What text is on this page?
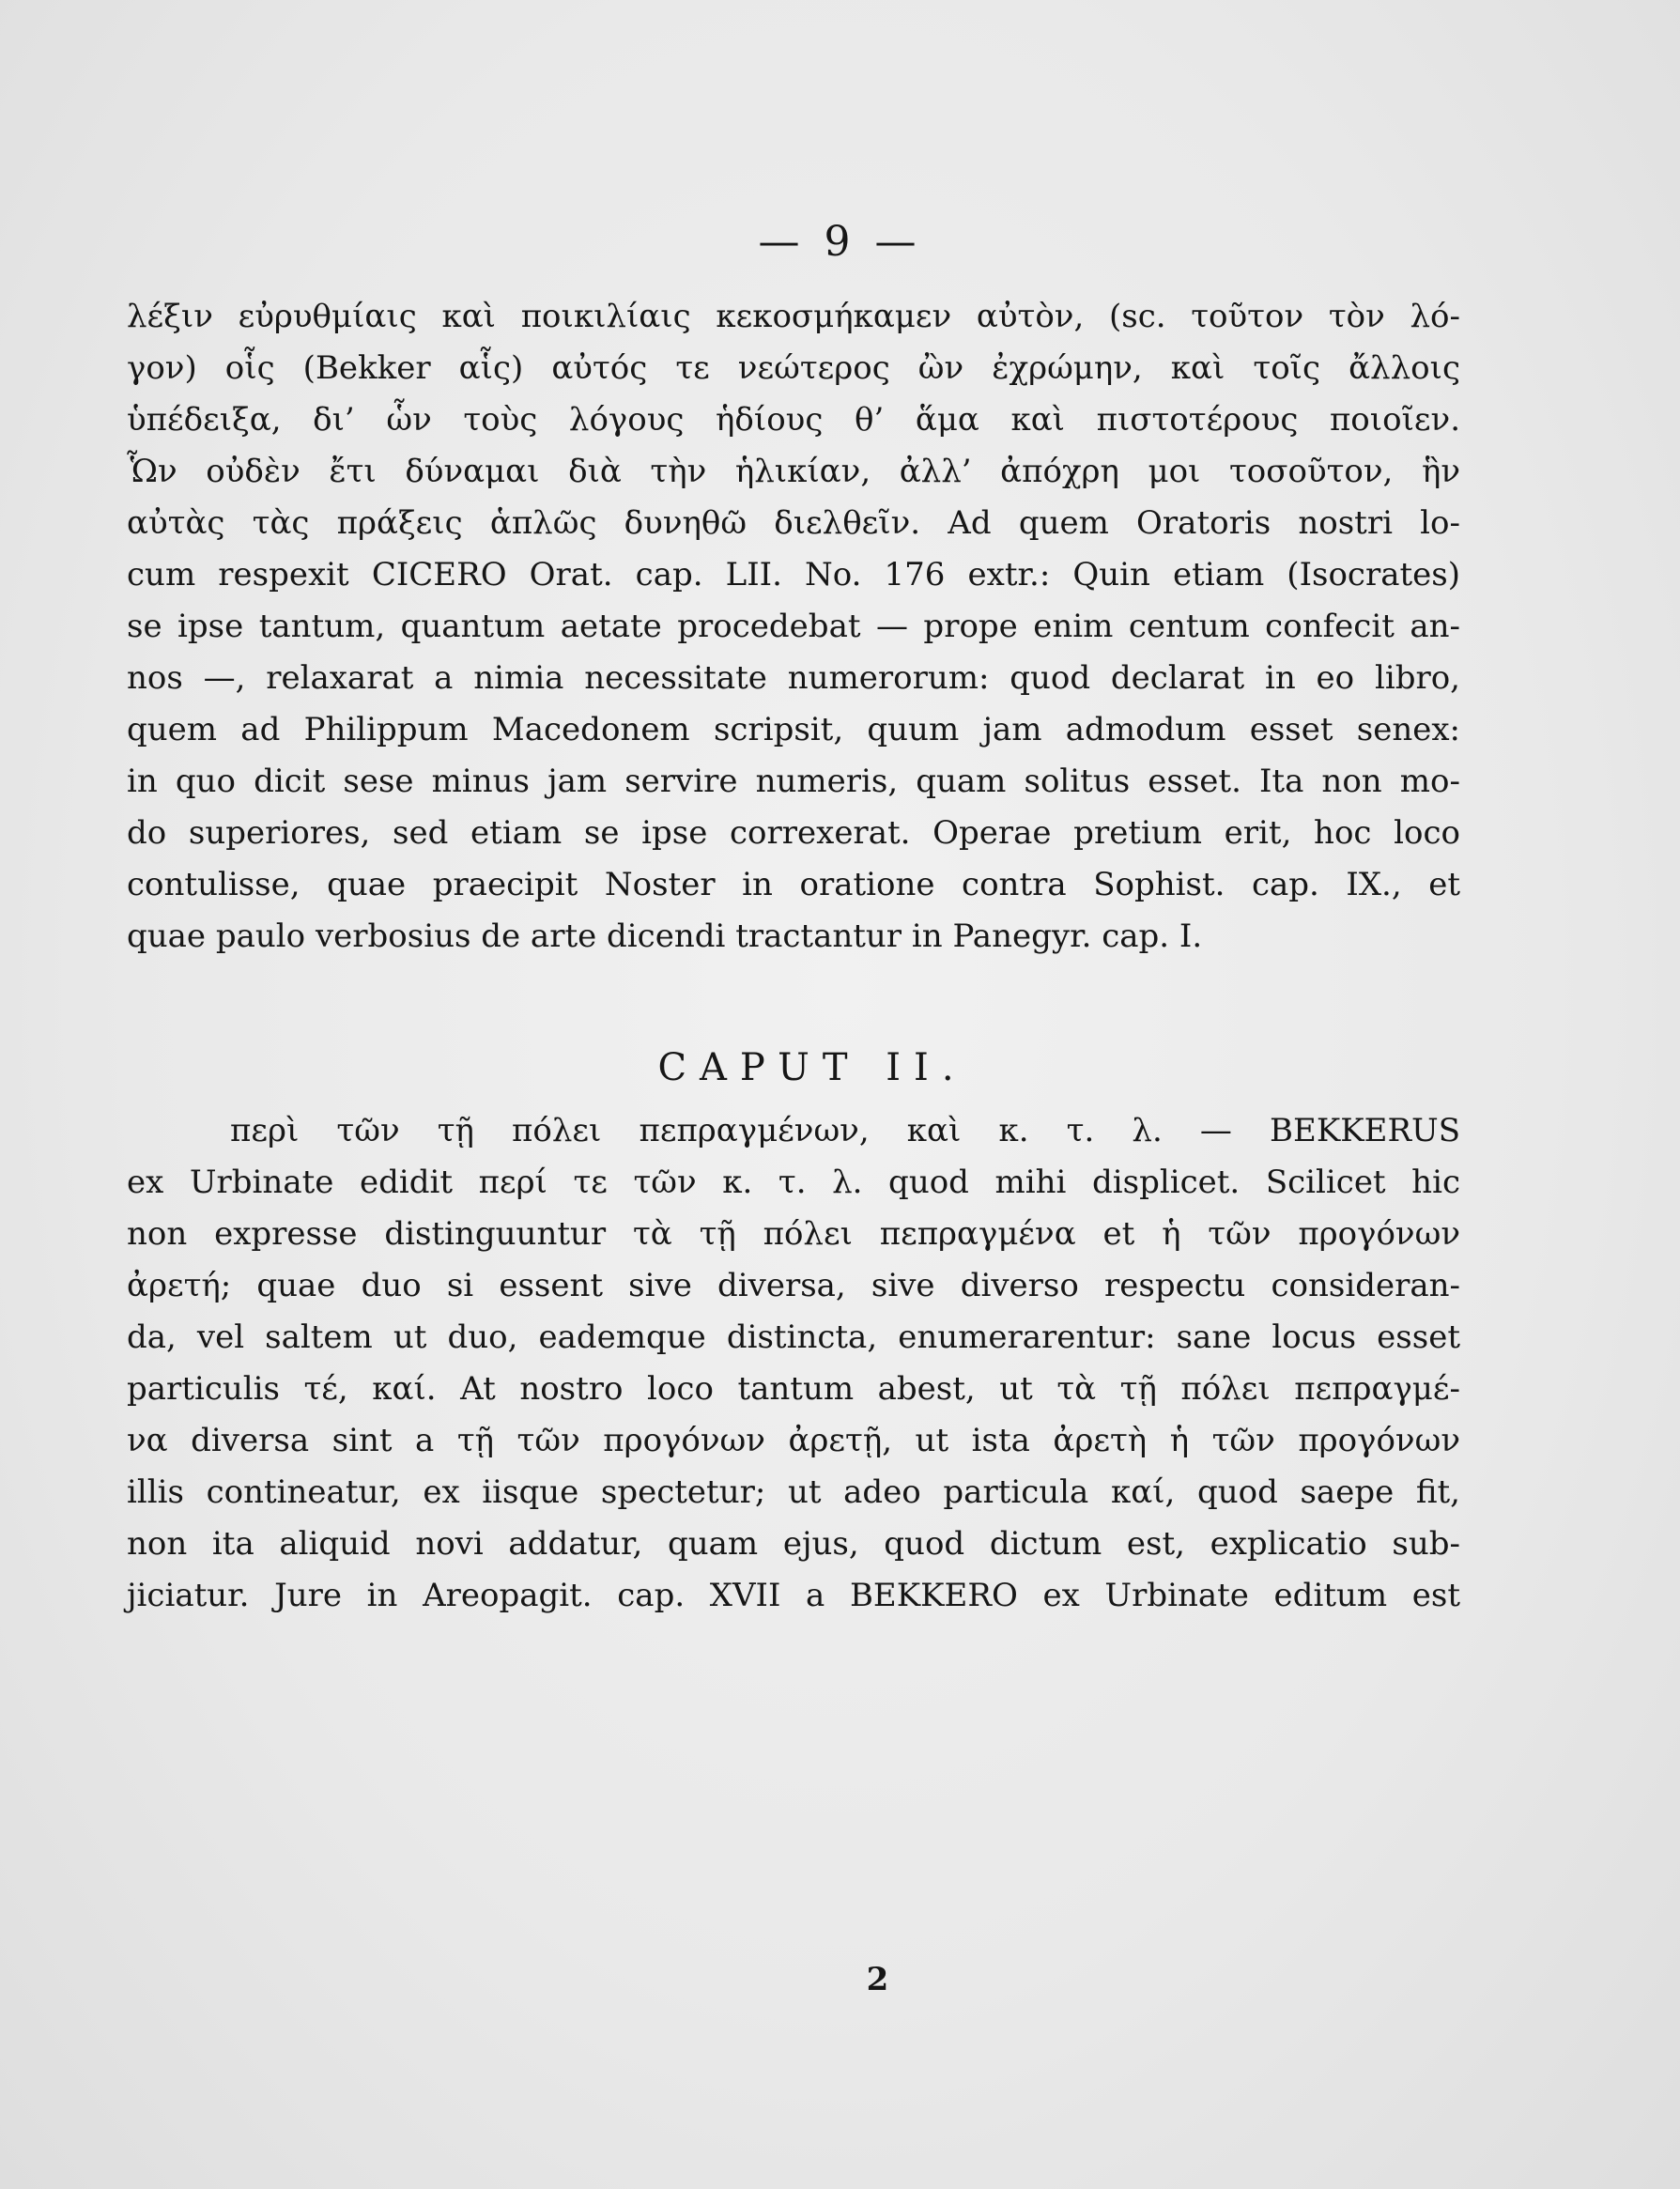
— 9 —
λέξιν εὐρυθμίαις καὶ ποικιλίαις κεκοσμήκαμεν αὐτὸν, (sc. τοῦτον τὸν λό-
γον) οἷς (Bekker αἷς) αὐτός τε νεώτερος ὢν ἐχρώμην, καὶ τοῖς ἄλλοις
ὑπέδειξα, δι’ ὧν τοὺς λόγους ἡδίους θ’ ἅμα καὶ πιστοτέρους ποιοῖεν.
Ὧν οὐδὲν ἔτι δύναμαι διὰ τὴν ἡλικίαν, ἀλλ’ ἀπόχρη μοι τοσοῦτον, ἣν
αὐτὰς τὰς πράξεις ἁπλῶς δυνηθῶ διελθεῖν. Ad quem Oratoris nostri lo-
cum respexit CICERO Orat. cap. LII. No. 176 extr.: Quin etiam (Isocrates)
se ipse tantum, quantum aetate procedebat — prope enim centum confecit an-
nos —, relaxarat a nimia necessitate numerorum: quod declarat in eo libro,
quem ad Philippum Macedonem scripsit, quum jam admodum esset senex:
in quo dicit sese minus jam servire numeris, quam solitus esset. Ita non mo-
do superiores, sed etiam se ipse correxerat. Operae pretium erit, hoc loco
contulisse, quae praecipit Noster in oratione contra Sophist. cap. IX., et
quae paulo verbosius de arte dicendi tractantur in Panegyr. cap. I.
CAPUT II.
περὶ τῶν τῇ πόλει πεπραγμένων, καὶ κ. τ. λ. — BEKKERUS
ex Urbinate edidit περί τε τῶν κ. τ. λ. quod mihi displicet. Scilicet hic
non expresse distinguuntur τὰ τῇ πόλει πεπραγμένα et ἡ τῶν προγόνων
ἀρετή; quae duo si essent sive diversa, sive diverso respectu consideran-
da, vel saltem ut duo, eademque distincta, enumerarentur: sane locus esset
particulis τέ, καί. At nostro loco tantum abest, ut τὰ τῇ πόλει πεπραγμέ-
να diversa sint a τῇ τῶν προγόνων ἀρετῇ, ut ista ἀρετὴ ἡ τῶν προγόνων
illis contineatur, ex iisque spectetur; ut adeo particula καί, quod saepe fit,
non ita aliquid novi addatur, quam ejus, quod dictum est, explicatio sub-
jiciatur. Jure in Areopagit. cap. XVII a BEKKERO ex Urbinate editum est
2
